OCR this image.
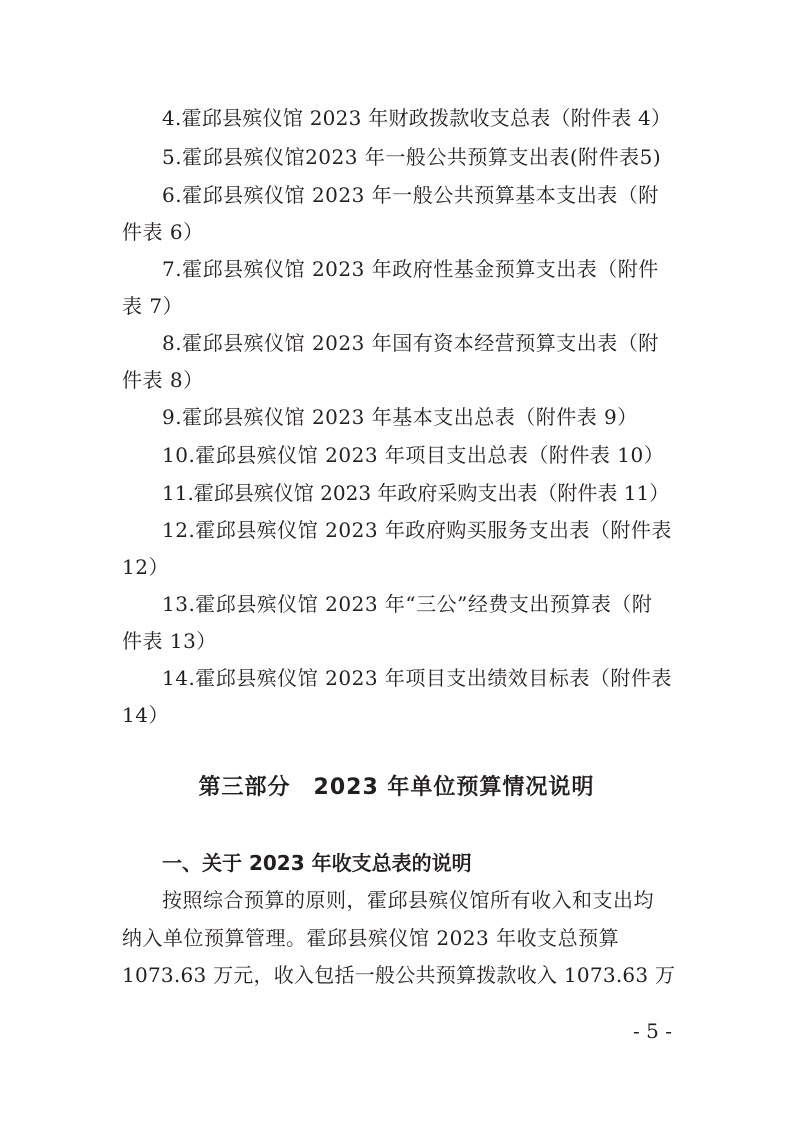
4.霍邱县殡仪馆 2023 年财政拨款收支总表（附件表 4）

5.霍邱县殡仪馆2023 年一般公共预算支出表(附件表5)

6.霍邱县殡仪馆 2023 年一般公共预算基本支出表（附

件表 6）

7.霍邱县殡仪馆 2023 年政府性基金预算支出表（附件

表 7）

8.霍邱县殡仪馆 2023 年国有资本经营预算支出表（附

件表 8）

9.霍邱县殡仪馆 2023 年基本支出总表（附件表 9）

10.霍邱县殡仪馆 2023 年项目支出总表（附件表 10）

11.霍邱县殡仪馆 2023 年政府采购支出表（附件表 11）

12.霍邱县殡仪馆 2023 年政府购买服务支出表（附件表

12）

13.霍邱县殡仪馆 2023 年“三公”经费支出预算表（附

件表 13）

14.霍邱县殡仪馆 2023 年项目支出绩效目标表（附件表

14）

第三部分　2023 年单位预算情况说明
一、关于 2023 年收支总表的说明

按照综合预算的原则，霍邱县殡仪馆所有收入和支出均

纳入单位预算管理。霍邱县殡仪馆 2023 年收支总预算

1073.63 万元，收入包括一般公共预算拨款收入 1073.63 万

- 5 -
